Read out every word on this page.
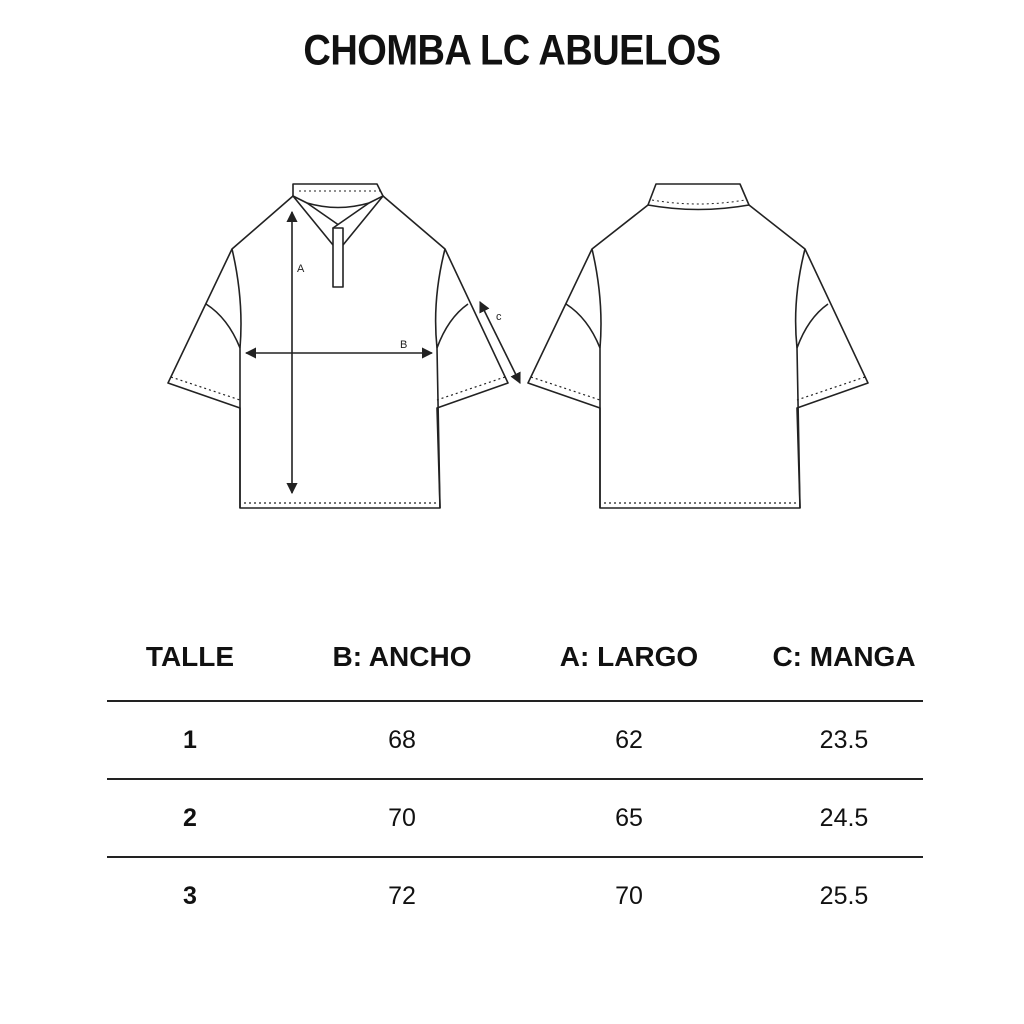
CHOMBA LC ABUELOS
A
B
c
TALLE	B: ANCHO	A: LARGO	C: MANGA
1	68	62	23.5
2	70	65	24.5
3	72	70	25.5
